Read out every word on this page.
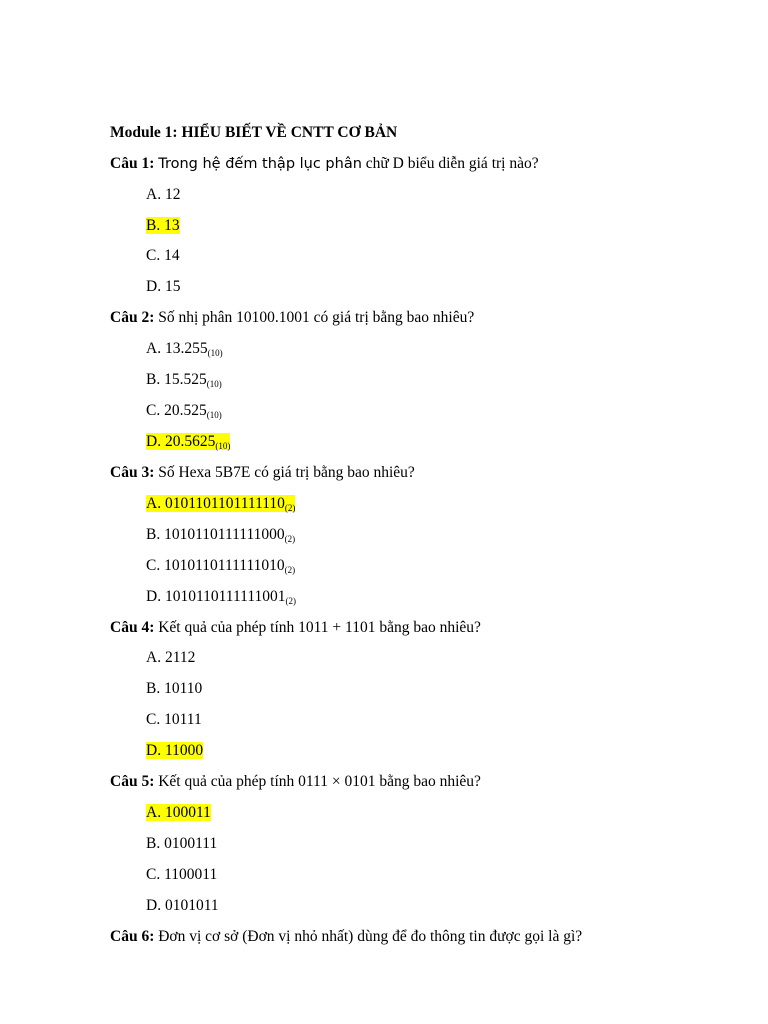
Module 1: HIỂU BIẾT VỀ CNTT CƠ BẢN
Câu 1: Trong hệ đếm thập lục phân chữ D biểu diễn giá trị nào?
A. 12
B. 13
C. 14
D. 15
Câu 2: Số nhị phân 10100.1001 có giá trị bằng bao nhiêu?
A. $13.255_{(10)}$
B. $15.525_{(10)}$
C. $20.525_{(10)}$
D. $20.5625_{(10)}$
Câu 3: Số Hexa 5B7E có giá trị bằng bao nhiêu?
A. $0101101101111110_{(2)}$
B. $1010110111111000_{(2)}$
C. $1010110111111010_{(2)}$
D. $1010110111111001_{(2)}$
Câu 4: Kết quả của phép tính 1011 + 1101 bằng bao nhiêu?
A. 2112
B. 10110
C. 10111
D. 11000
Câu 5: Kết quả của phép tính 0111 × 0101 bằng bao nhiêu?
A. 100011
B. 0100111
C. 1100011
D. 0101011
Câu 6: Đơn vị cơ sở (Đơn vị nhỏ nhất) dùng để đo thông tin được gọi là gì?
